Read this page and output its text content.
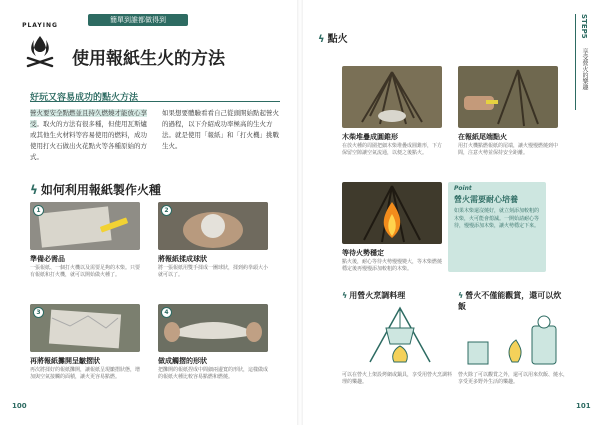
簡單到誰都做得到
PLAYING
使用報紙生火的方法
好玩又容易成功的點火方法
營火要安全點燃並且持久燃燒才能放心享受。取火的方法有很多種，但使用瓦斯爐或其他生火材料等容易使用的燃料，成功使用打火石做出火花點火等各種原始的方式。
如果想要體驗看看自己從頭開始點起營火的過程，以下介紹成功率極高的生火方法。就是使用「報紙」和「打火機」挑戰生火。
ϟ 如何利用報紙製作火種
1
準備必需品
一張報紙、一個打火機以及需要足夠的木柴。只要有報紙和打火機，就可以開始做火種了。
2
將報紙揉成球狀
將一張報紙用雙手揉成一團球狀，揉到約拳頭大小就可以了。
3
再將報紙攤開呈皺摺狀
再次將揉好的報紙攤開，讓報紙呈現皺摺狀態，增加與空氣接觸的面積，讓火更容易點燃。
4
做成觸摺的形狀
把攤開的報紙捏成中間細兩邊寬的形狀，這樣做成的報紙火種比較容易點燃和燃燒。
100
STEP5
享受營火的樂趣
ϟ 點火
木柴堆疊成圓錐形
在放火種的周圍把細木柴堆疊成圓錐形，下方保留空隙讓空氣流通，以便之後點火。
在報紙尾端點火
用打火機點燃報紙的尾端，讓火慢慢燃燒到中間，注意火勢並保持安全距離。
等待火勢穩定
點火後，耐心等待火勢慢慢變大，等木柴燃燒穩定後再慢慢添加較粗的木柴。
Point
營火需要耐心培養
如果木柴還沒燒好，就立刻添加較粗的木柴，火可能會熄滅。一開始請耐心等待，慢慢添加木柴，讓火勢穩定下來。
ϟ 用營火烹調料理
可以在營火上架設烤網或鍋具，享受用營火烹調料理的樂趣。
ϟ 營火不僅能觀賞，還可以炊飯
營火除了可以觀賞之外，還可以用來炊飯、燒水，享受更多野外生活的樂趣。
101
